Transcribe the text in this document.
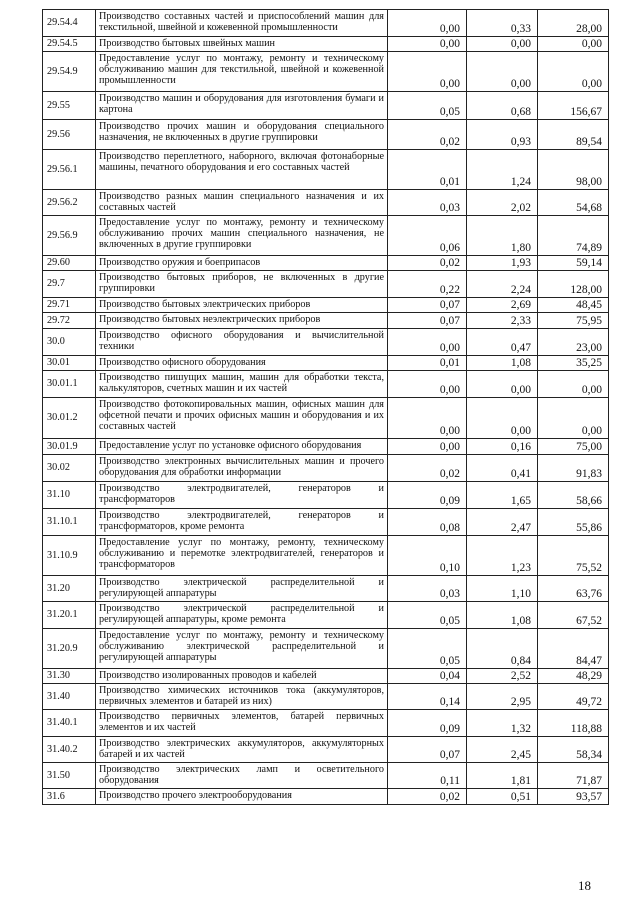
29.54.4	Производство составных частей и приспособлений машин для текстильной, швейной и кожевенной промышленности	0,00	0,33	28,00
29.54.5	Производство бытовых швейных машин	0,00	0,00	0,00
29.54.9	Предоставление услуг по монтажу, ремонту и техническому обслуживанию машин для текстильной, швейной и кожевенной промышленности	0,00	0,00	0,00
29.55	Производство машин и оборудования для изготовления бумаги и картона	0,05	0,68	156,67
29.56	Производство прочих машин и оборудования специального назначения, не включенных в другие группировки	0,02	0,93	89,54
29.56.1	Производство переплетного, наборного, включая фотонаборные машины, печатного оборудования и его составных частей	0,01	1,24	98,00
29.56.2	Производство разных машин специального назначения и их составных частей	0,03	2,02	54,68
29.56.9	Предоставление услуг по монтажу, ремонту и техническому обслуживанию прочих машин специального назначения, не включенных в другие группировки	0,06	1,80	74,89
29.60	Производство оружия и боеприпасов	0,02	1,93	59,14
29.7	Производство бытовых приборов, не включенных в другие группировки	0,22	2,24	128,00
29.71	Производство бытовых электрических приборов	0,07	2,69	48,45
29.72	Производство бытовых неэлектрических приборов	0,07	2,33	75,95
30.0	Производство офисного оборудования и вычислительной техники	0,00	0,47	23,00
30.01	Производство офисного оборудования	0,01	1,08	35,25
30.01.1	Производство пишущих машин, машин для обработки текста, калькуляторов, счетных машин и их частей	0,00	0,00	0,00
30.01.2	Производство фотокопировальных машин, офисных машин для офсетной печати и прочих офисных машин и оборудования и их составных частей	0,00	0,00	0,00
30.01.9	Предоставление услуг по установке офисного оборудования	0,00	0,16	75,00
30.02	Производство электронных вычислительных машин и прочего оборудования для обработки информации	0,02	0,41	91,83
31.10	Производство электродвигателей, генераторов и трансформаторов	0,09	1,65	58,66
31.10.1	Производство электродвигателей, генераторов и трансформаторов, кроме ремонта	0,08	2,47	55,86
31.10.9	Предоставление услуг по монтажу, ремонту, техническому обслуживанию и перемотке электродвигателей, генераторов и трансформаторов	0,10	1,23	75,52
31.20	Производство электрической распределительной и регулирующей аппаратуры	0,03	1,10	63,76
31.20.1	Производство электрической распределительной и регулирующей аппаратуры, кроме ремонта	0,05	1,08	67,52
31.20.9	Предоставление услуг по монтажу, ремонту и техническому обслуживанию электрической распределительной и регулирующей аппаратуры	0,05	0,84	84,47
31.30	Производство изолированных проводов и кабелей	0,04	2,52	48,29
31.40	Производство химических источников тока (аккумуляторов, первичных элементов и батарей из них)	0,14	2,95	49,72
31.40.1	Производство первичных элементов, батарей первичных элементов и их частей	0,09	1,32	118,88
31.40.2	Производство электрических аккумуляторов, аккумуляторных батарей и их частей	0,07	2,45	58,34
31.50	Производство электрических ламп и осветительного оборудования	0,11	1,81	71,87
31.6	Производство прочего электрооборудования	0,02	0,51	93,57
18
